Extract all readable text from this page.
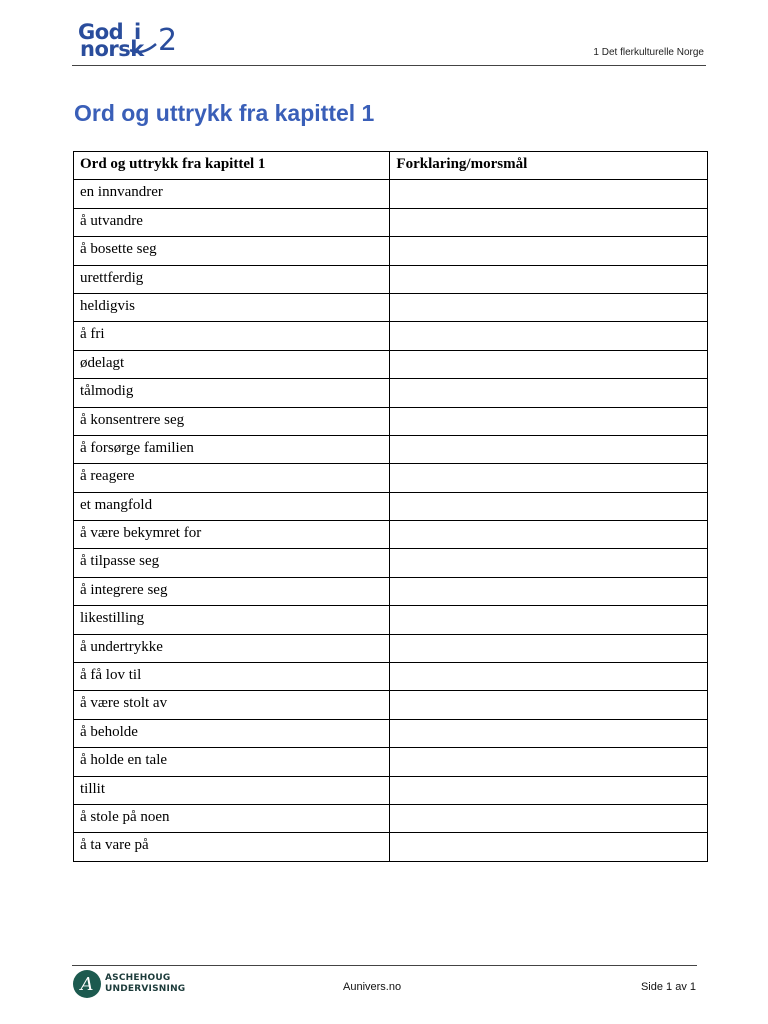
God i
norsk 2	1 Det flerkulturelle Norge
Ord og uttrykk fra kapittel 1
Ord og uttrykk fra kapittel 1	Forklaring/morsmål
en innvandrer	
å utvandre	
å bosette seg	
urettferdig	
heldigvis	
å fri	
ødelagt	
tålmodig	
å konsentrere seg	
å forsørge familien	
å reagere	
et mangfold	
å være bekymret for	
å tilpasse seg	
å integrere seg	
likestilling	
å undertrykke	
å få lov til	
å være stolt av	
å beholde	
å holde en tale	
tillit	
å stole på noen	
å ta vare på	
A	ASCHEHOUG
UNDERVISNING	Aunivers.no	Side 1 av 1
